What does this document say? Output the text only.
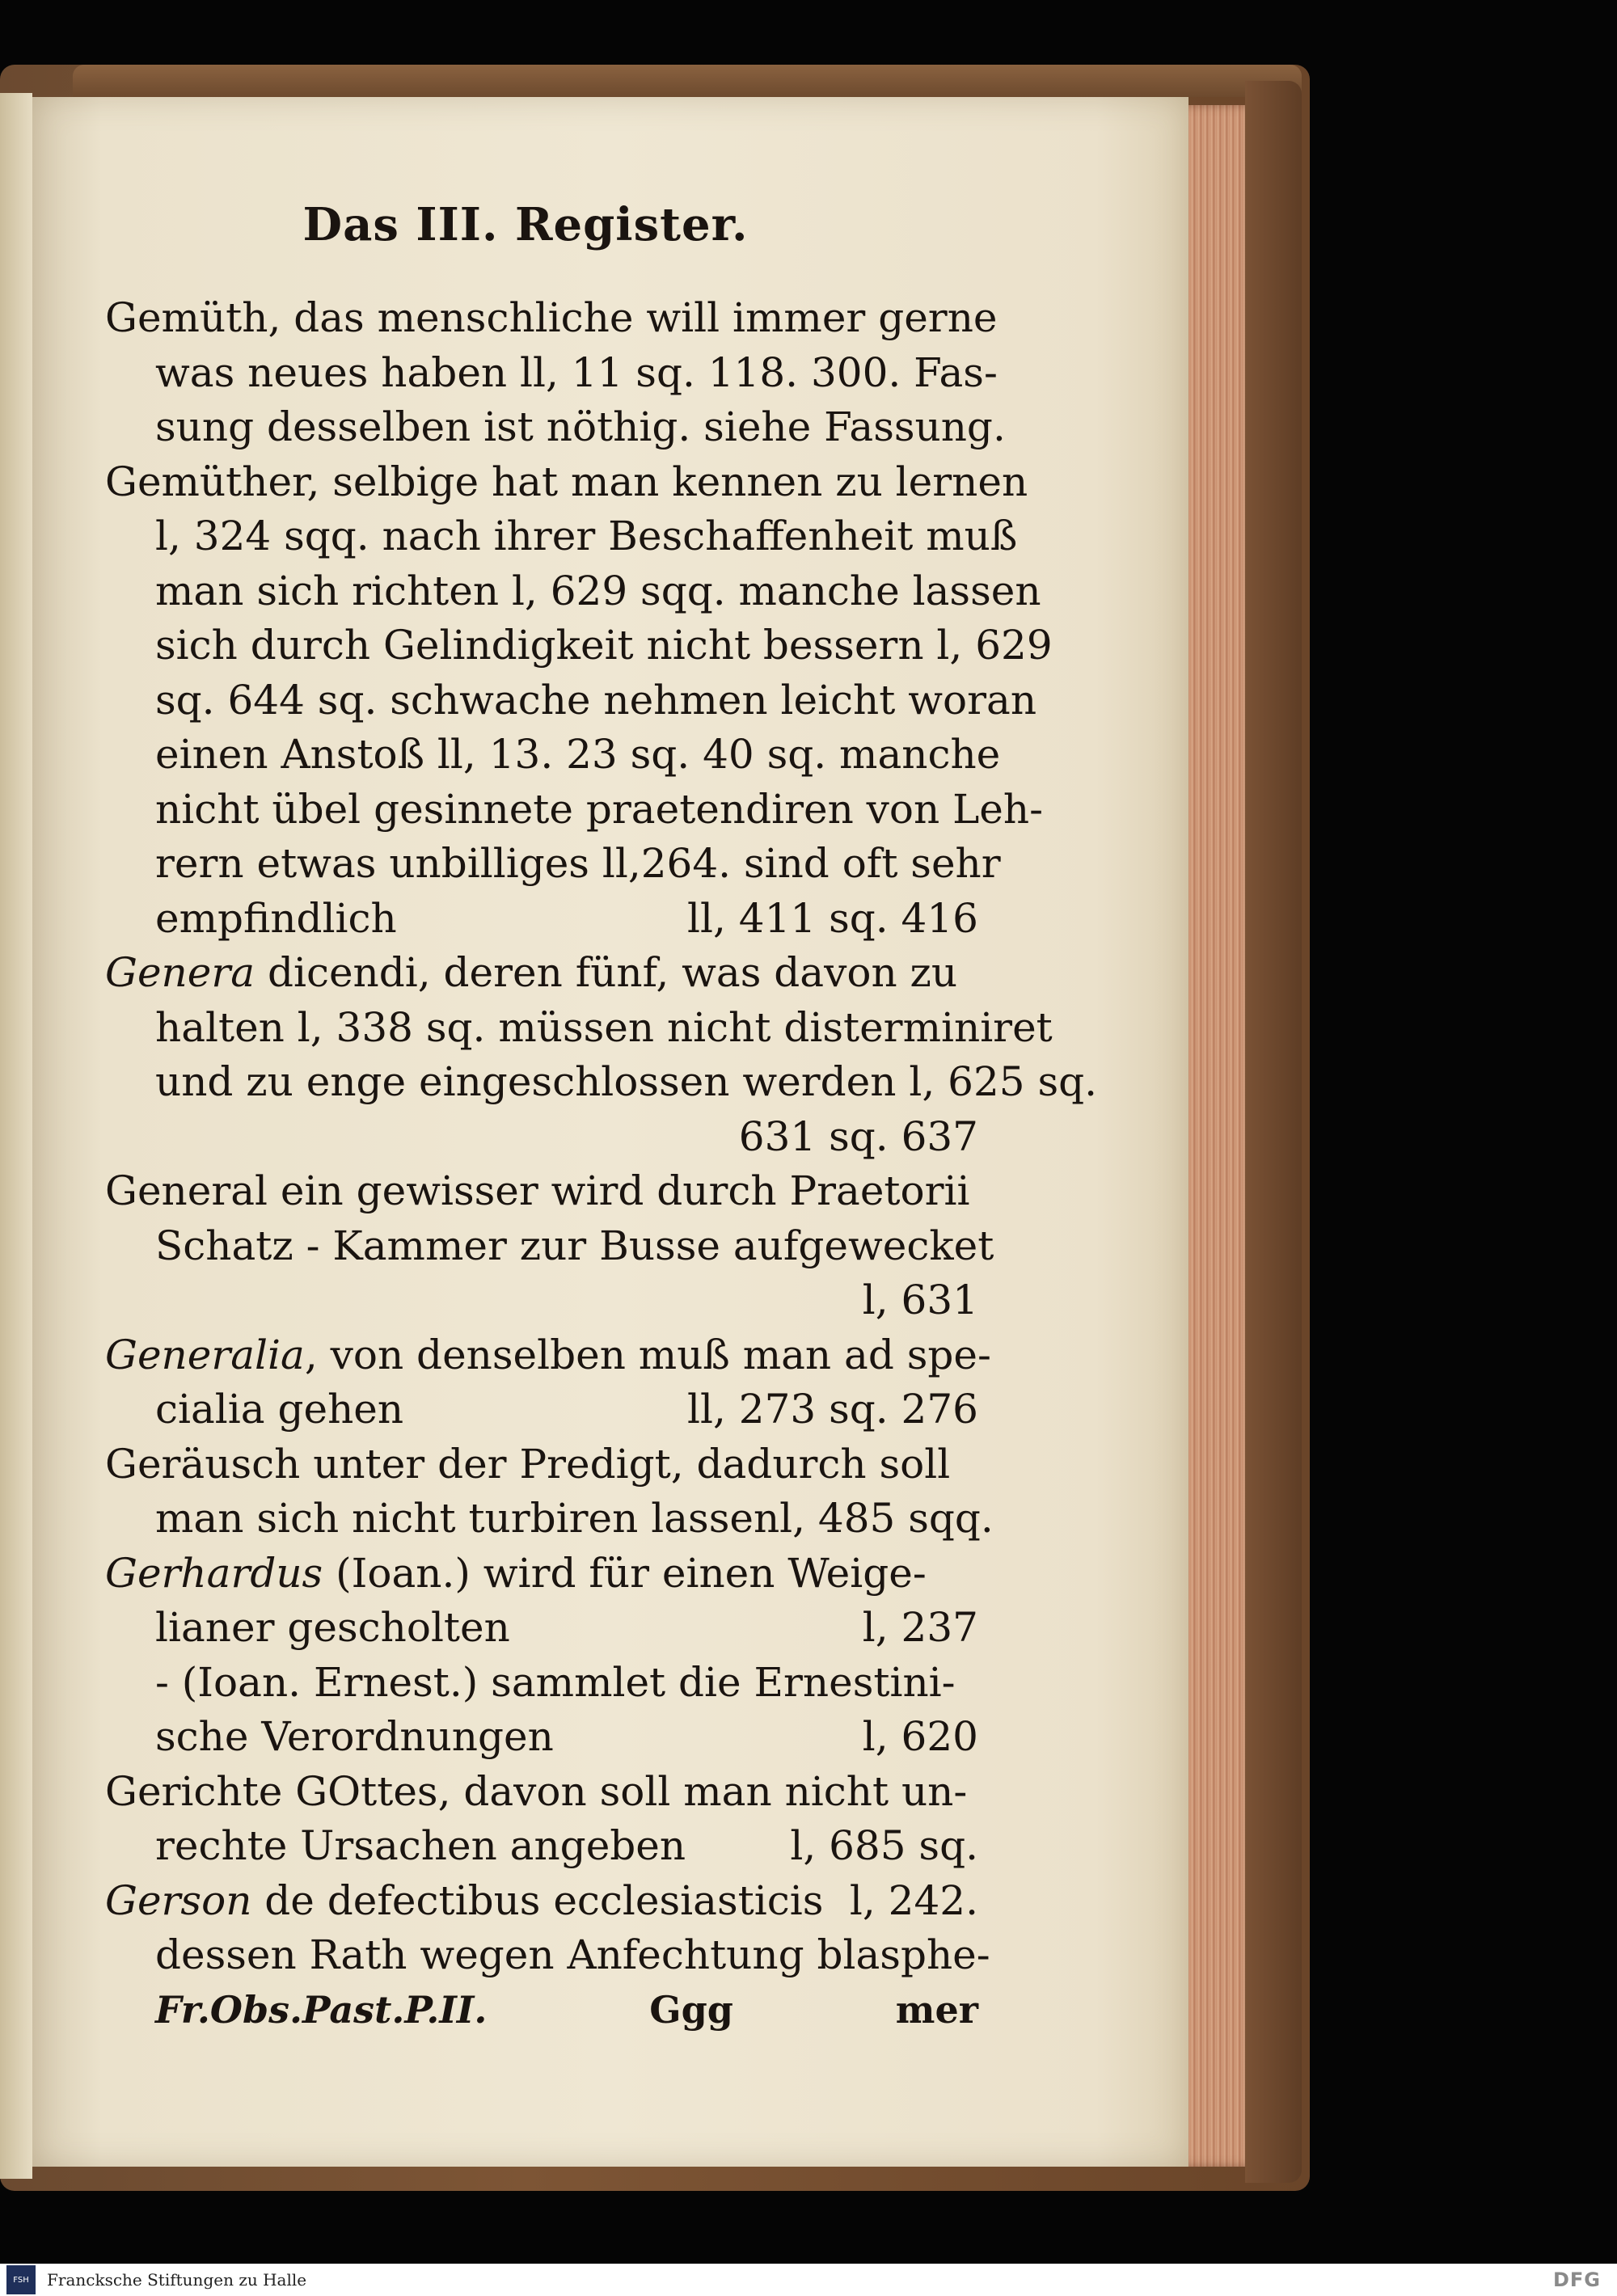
Das III. Register.
Gemüth, das menschliche will immer gerne
was neues haben ll, 11 sq. 118. 300. Fas-
sung desselben ist nöthig. siehe Fassung.
Gemüther, selbige hat man kennen zu lernen
l, 324 sqq. nach ihrer Beschaffenheit muß
man sich richten l, 629 sqq. manche lassen
sich durch Gelindigkeit nicht bessern l, 629
sq. 644 sq. schwache nehmen leicht woran
einen Anstoß ll, 13. 23 sq. 40 sq. manche
nicht übel gesinnete praetendiren von Leh-
rern etwas unbilliges ll,264. sind oft sehr
empfindlich	ll, 411 sq. 416
Genera dicendi, deren fünf, was davon zu
halten l, 338 sq. müssen nicht disterminiret
und zu enge eingeschlossen werden l, 625 sq.
631 sq. 637
General ein gewisser wird durch Praetorii
Schatz - Kammer zur Busse aufgewecket
l, 631
Generalia, von denselben muß man ad spe-
cialia gehen	ll, 273 sq. 276
Geräusch unter der Predigt, dadurch soll
man sich nicht turbiren lassen l, 485 sqq.
Gerhardus (Ioan.) wird für einen Weige-
lianer gescholten	l, 237
- (Ioan. Ernest.) sammlet die Ernestini-
sche Verordnungen	l, 620
Gerichte GOttes, davon soll man nicht un-
rechte Ursachen angeben	l, 685 sq.
Gerson de defectibus ecclesiasticis l, 242.
dessen Rath wegen Anfechtung blasphe-
Fr.Obs.Past.P.II.	Ggg	mer
FSH	Francksche Stiftungen zu Halle	DFG
